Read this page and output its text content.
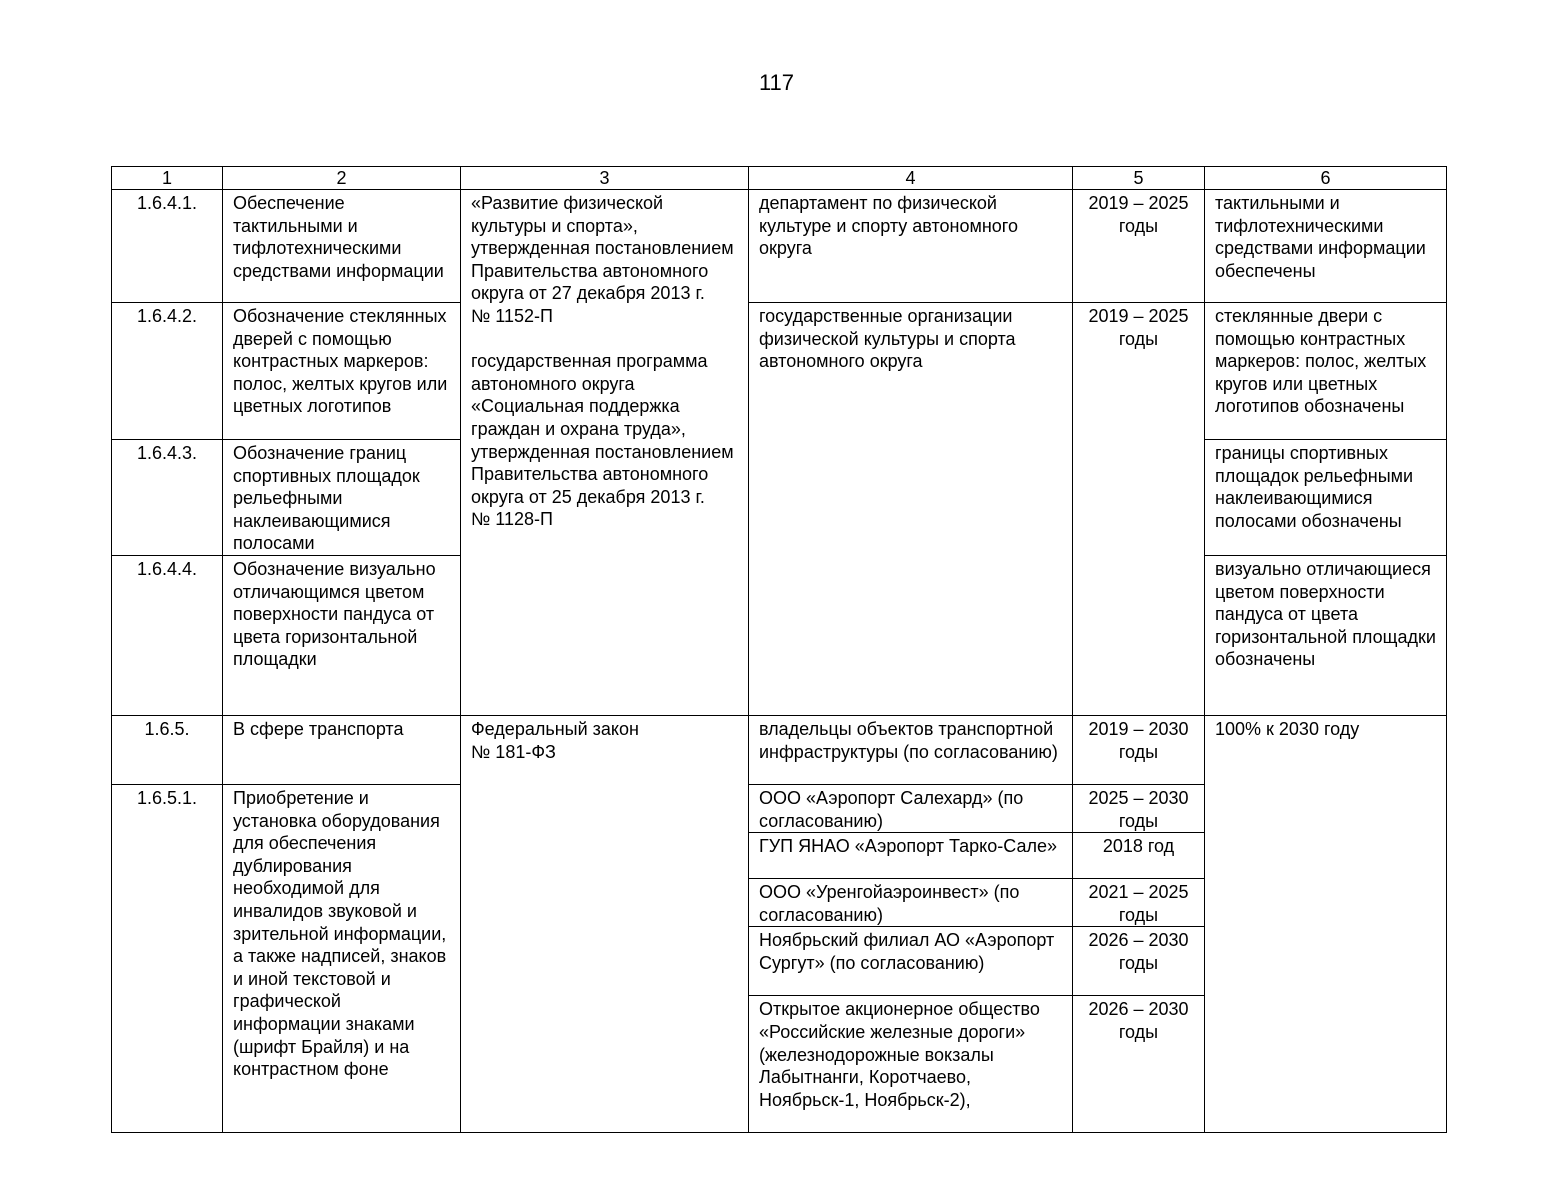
117
1	2	3	4	5	6
1.6.4.1.	Обеспечение тактильными и тифлотехническими средствами информации	«Развитие физической культуры и спорта», утвержденная постановлением Правительства автономного округа от 27 декабря 2013 г.

№ 1152-П

государственная программа автономного округа «Социальная поддержка граждан и охрана труда», утвержденная постановлением Правительства автономного округа от 25 декабря 2013 г.

№ 1128-П	департамент по физической культуре и спорту автономного округа	2019 – 2025 годы	тактильными и тифлотехническими средствами информации обеспечены
1.6.4.2.	Обозначение стеклянных дверей с помощью контрастных маркеров: полос, желтых кругов или цветных логотипов		государственные организации физической культуры и спорта автономного округа	2019 – 2025 годы	стеклянные двери с помощью контрастных маркеров: полос, желтых кругов или цветных логотипов обозначены
1.6.4.3.	Обозначение границ спортивных площадок рельефными наклеивающимися полосами				границы спортивных площадок рельефными наклеивающимися полосами обозначены
1.6.4.4.	Обозначение визуально отличающимся цветом поверхности пандуса от цвета горизонтальной площадки				визуально отличающиеся цветом поверхности пандуса от цвета горизонтальной площадки обозначены
1.6.5.	В сфере транспорта	Федеральный закон

№ 181-ФЗ	владельцы объектов транспортной инфраструктуры (по согласованию)	2019 – 2030 годы	100% к 2030 году
1.6.5.1.	Приобретение и установка оборудования для обеспечения дублирования необходимой для инвалидов звуковой и зрительной информации, а также надписей, знаков и иной текстовой и графической информации знаками (шрифт Брайля) и на контрастном фоне		ООО «Аэропорт Салехард» (по согласованию)	2025 – 2030 годы	
			ГУП ЯНАО «Аэропорт Тарко-Сале»	2018 год	
			ООО «Уренгойаэроинвест» (по согласованию)	2021 – 2025 годы	
			Ноябрьский филиал АО «Аэропорт Сургут» (по согласованию)	2026 – 2030 годы	
			Открытое акционерное общество «Российские железные дороги» (железнодорожные вокзалы Лабытнанги, Коротчаево, Ноябрьск-1, Ноябрьск-2),	2026 – 2030 годы	
